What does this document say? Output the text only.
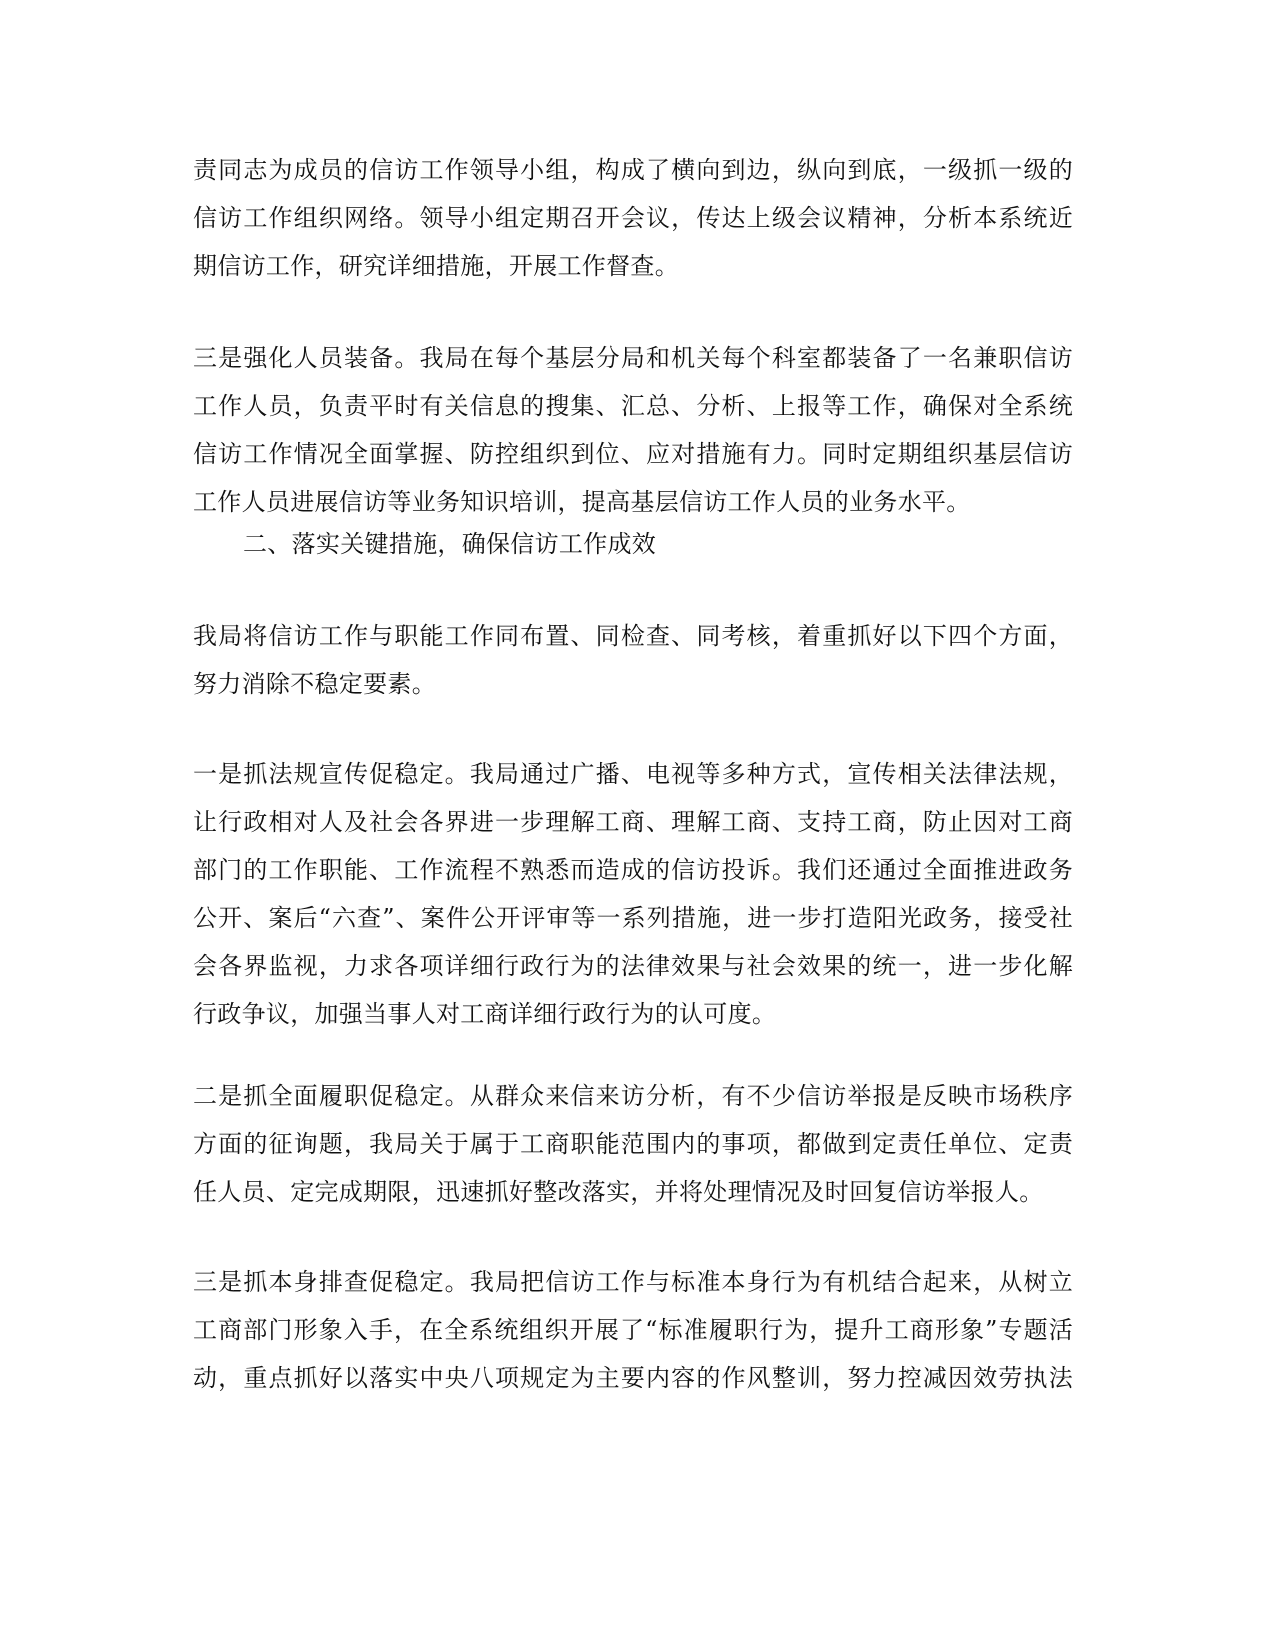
责同志为成员的信访工作领导小组，构成了横向到边，纵向到底，一级抓一级的
信访工作组织网络。领导小组定期召开会议，传达上级会议精神，分析本系统近
期信访工作，研究详细措施，开展工作督查。
三是强化人员装备。我局在每个基层分局和机关每个科室都装备了一名兼职信访
工作人员，负责平时有关信息的搜集、汇总、分析、上报等工作，确保对全系统
信访工作情况全面掌握、防控组织到位、应对措施有力。同时定期组织基层信访
工作人员进展信访等业务知识培训，提高基层信访工作人员的业务水平。
二、落实关键措施，确保信访工作成效
我局将信访工作与职能工作同布置、同检查、同考核，着重抓好以下四个方面，
努力消除不稳定要素。
一是抓法规宣传促稳定。我局通过广播、电视等多种方式，宣传相关法律法规，
让行政相对人及社会各界进一步理解工商、理解工商、支持工商，防止因对工商
部门的工作职能、工作流程不熟悉而造成的信访投诉。我们还通过全面推进政务
公开、案后“六查”、案件公开评审等一系列措施，进一步打造阳光政务，接受社
会各界监视，力求各项详细行政行为的法律效果与社会效果的统一，进一步化解
行政争议，加强当事人对工商详细行政行为的认可度。
二是抓全面履职促稳定。从群众来信来访分析，有不少信访举报是反映市场秩序
方面的征询题，我局关于属于工商职能范围内的事项，都做到定责任单位、定责
任人员、定完成期限，迅速抓好整改落实，并将处理情况及时回复信访举报人。
三是抓本身排查促稳定。我局把信访工作与标准本身行为有机结合起来，从树立
工商部门形象入手，在全系统组织开展了“标准履职行为，提升工商形象”专题活
动，重点抓好以落实中央八项规定为主要内容的作风整训，努力控减因效劳执法
